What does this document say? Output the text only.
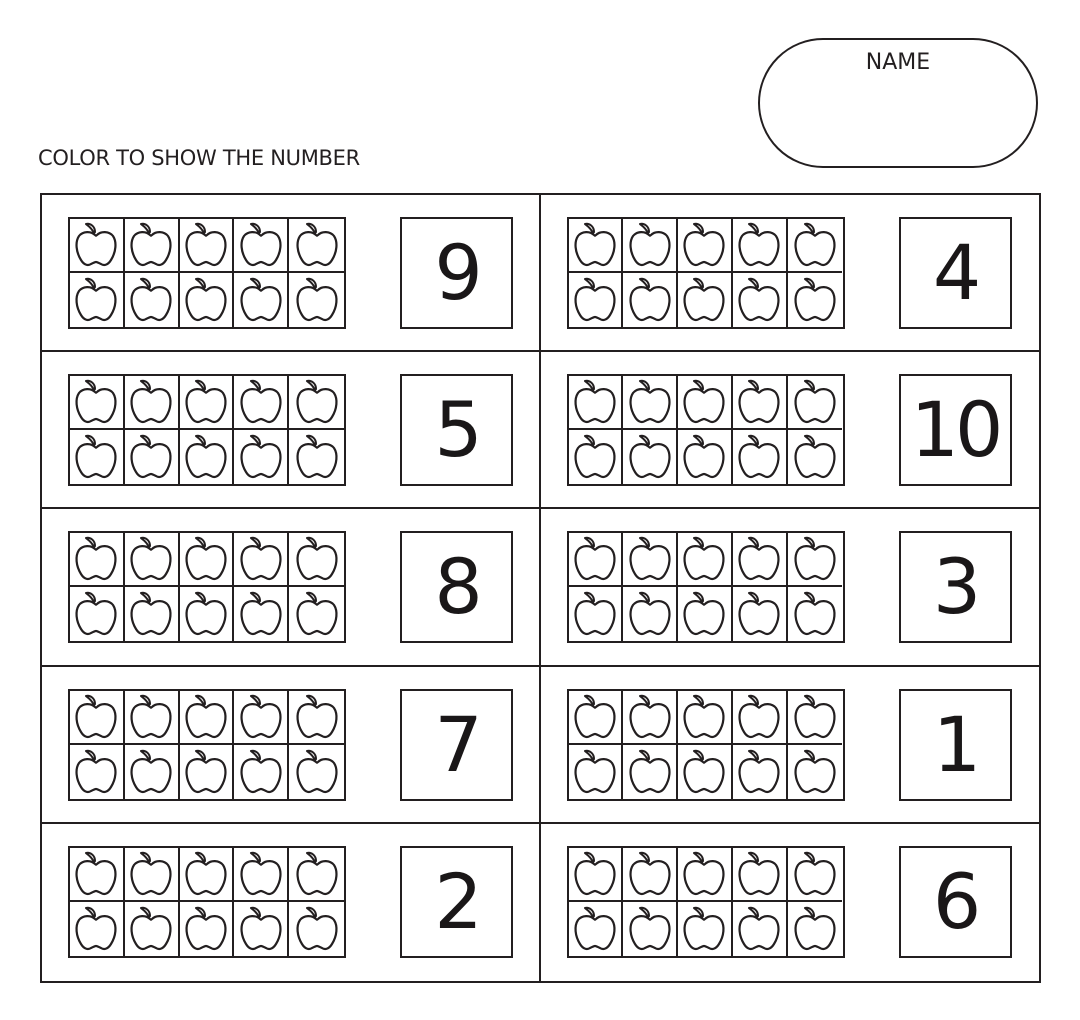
NAME
COLOR TO SHOW THE NUMBER
9	4
5	10
8	3
7	1
2	6
